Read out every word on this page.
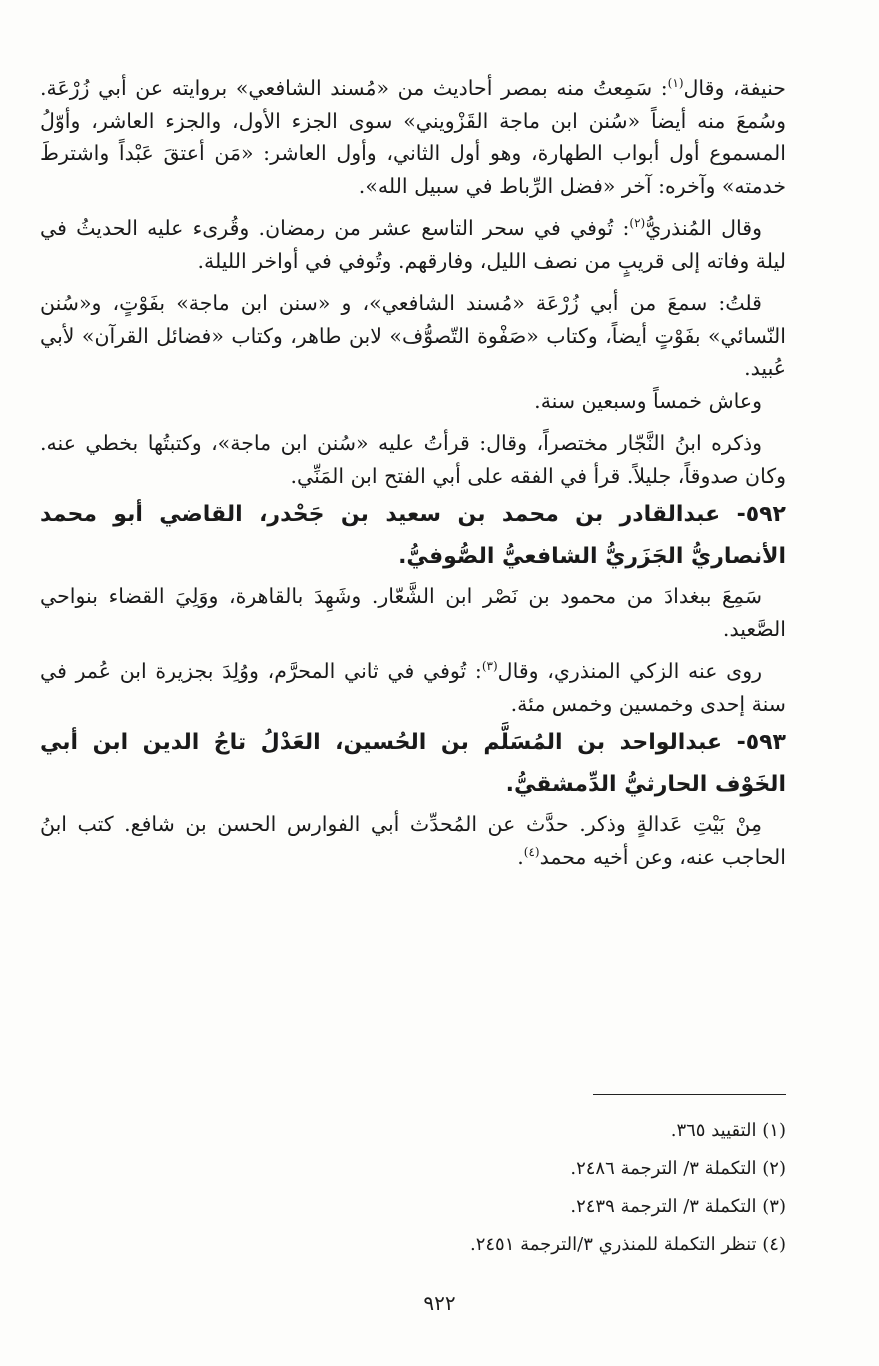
حنيفة، وقال$^{(١)}$: سَمِعتُ منه بمصر أحاديث من «مُسند الشافعي» بروايته عن أبي زُرْعَة. وسُمعَ منه أيضاً «سُنن ابن ماجة القَزْويني» سوى الجزء الأول، والجزء العاشر، وأوّلُ المسموع أول أبواب الطهارة، وهو أول الثاني، وأول العاشر: «مَن أعتقَ عَبْداً واشترطَ خدمته» وآخره: آخر «فضل الرِّباط في سبيل الله».

وقال المُنذريُّ$^{(٢)}$: تُوفي في سحر التاسع عشر من رمضان. وقُرىء عليه الحديثُ في ليلة وفاته إلى قريبٍ من نصف الليل، وفارقهم. وتُوفي في أواخر الليلة.

قلتُ: سمعَ من أبي زُرْعَة «مُسند الشافعي»، و «سنن ابن ماجة» بفَوْتٍ، و«سُنن النّسائي» بفَوْتٍ أيضاً، وكتاب «صَفْوة التّصوُّف» لابن طاهر، وكتاب «فضائل القرآن» لأبي عُبيد.

وعاش خمساً وسبعين سنة.

وذكره ابنُ النَّجّار مختصراً، وقال: قرأتُ عليه «سُنن ابن ماجة»، وكتبتُها بخطي عنه. وكان صدوقاً، جليلاً. قرأ في الفقه على أبي الفتح ابن المَنِّي.

٥٩٢- عبدالقادر بن محمد بن سعيد بن جَحْدر، القاضي أبو محمد الأنصاريُّ الجَزَريُّ الشافعيُّ الصُّوفيُّ.

سَمِعَ ببغدادَ من محمود بن نَصْر ابن الشَّعّار. وشَهِدَ بالقاهرة، ووَلِيَ القضاء بنواحي الصَّعيد.

روى عنه الزكي المنذري، وقال$^{(٣)}$: تُوفي في ثاني المحرَّم، ووُلِدَ بجزيرة ابن عُمر في سنة إحدى وخمسين وخمس مئة.

٥٩٣- عبدالواحد بن المُسَلَّم بن الحُسين، العَدْلُ تاجُ الدين ابن أبي الخَوْف الحارثيُّ الدِّمشقيُّ.

مِنْ بَيْتِ عَدالةٍ وذكر. حدَّث عن المُحدِّث أبي الفوارس الحسن بن شافع. كتب ابنُ الحاجب عنه، وعن أخيه محمد$^{(٤)}$.

(١) التقييد ٣٦٥.
(٢) التكملة ٣/ الترجمة ٢٤٨٦.
(٣) التكملة ٣/ الترجمة ٢٤٣٩.
(٤) تنظر التكملة للمنذري ٣/الترجمة ٢٤٥١.
٩٢٢
